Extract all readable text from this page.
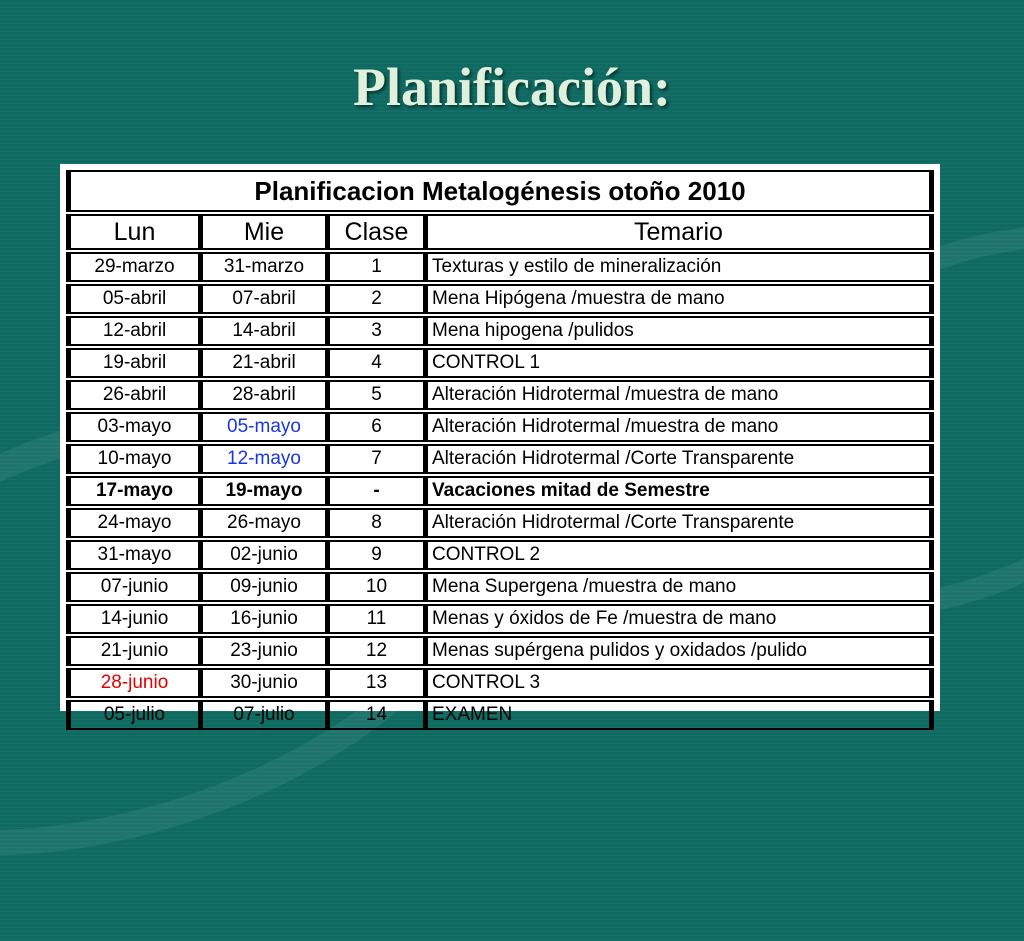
Planificación:
Planificacion Metalogénesis otoño 2010			
Lun	Mie	Clase	Temario
29-marzo	31-marzo	1	Texturas y estilo de mineralización
05-abril	07-abril	2	Mena Hipógena /muestra de mano
12-abril	14-abril	3	Mena hipogena /pulidos
19-abril	21-abril	4	CONTROL 1
26-abril	28-abril	5	Alteración Hidrotermal /muestra de mano
03-mayo	05-mayo	6	Alteración Hidrotermal /muestra de mano
10-mayo	12-mayo	7	Alteración Hidrotermal /Corte Transparente
17-mayo	19-mayo	-	Vacaciones mitad de Semestre
24-mayo	26-mayo	8	Alteración Hidrotermal /Corte Transparente
31-mayo	02-junio	9	CONTROL 2
07-junio	09-junio	10	Mena Supergena /muestra de mano
14-junio	16-junio	11	Menas y óxidos de Fe /muestra de mano
21-junio	23-junio	12	Menas supérgena pulidos y oxidados /pulido
28-junio	30-junio	13	CONTROL 3
05-julio	07-julio	14	EXAMEN
